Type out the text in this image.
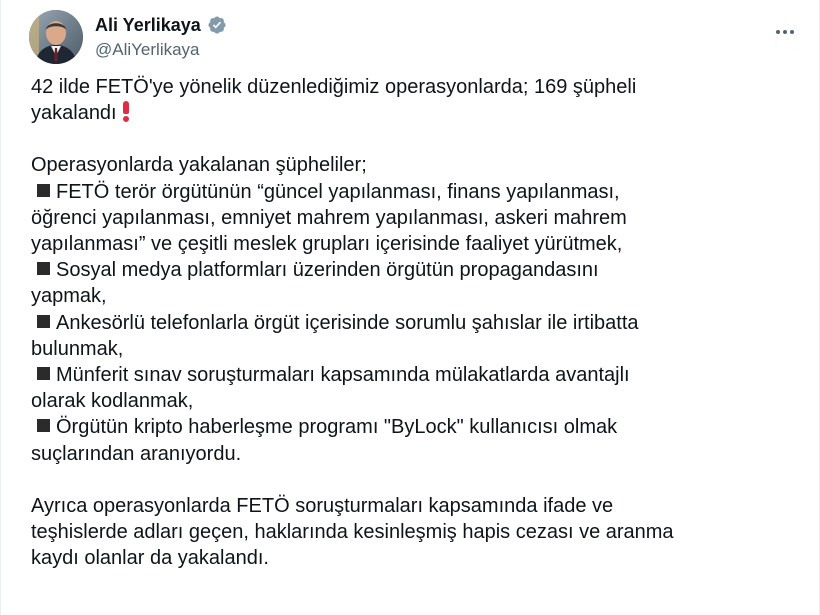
Ali Yerlikaya
@AliYerlikaya

42 ilde FETÖ'ye yönelik düzenlediğimiz operasyonlarda; 169 şüpheli

yakalandı

Operasyonlarda yakalanan şüpheliler;

FETÖ terör örgütünün “güncel yapılanması, finans yapılanması,

öğrenci yapılanması, emniyet mahrem yapılanması, askeri mahrem

yapılanması” ve çeşitli meslek grupları içerisinde faaliyet yürütmek,

Sosyal medya platformları üzerinden örgütün propagandasını

yapmak,

Ankesörlü telefonlarla örgüt içerisinde sorumlu şahıslar ile irtibatta

bulunmak,

Münferit sınav soruşturmaları kapsamında mülakatlarda avantajlı

olarak kodlanmak,

Örgütün kripto haberleşme programı "ByLock" kullanıcısı olmak

suçlarından aranıyordu.

Ayrıca operasyonlarda FETÖ soruşturmaları kapsamında ifade ve

teşhislerde adları geçen, haklarında kesinleşmiş hapis cezası ve aranma

kaydı olanlar da yakalandı.
